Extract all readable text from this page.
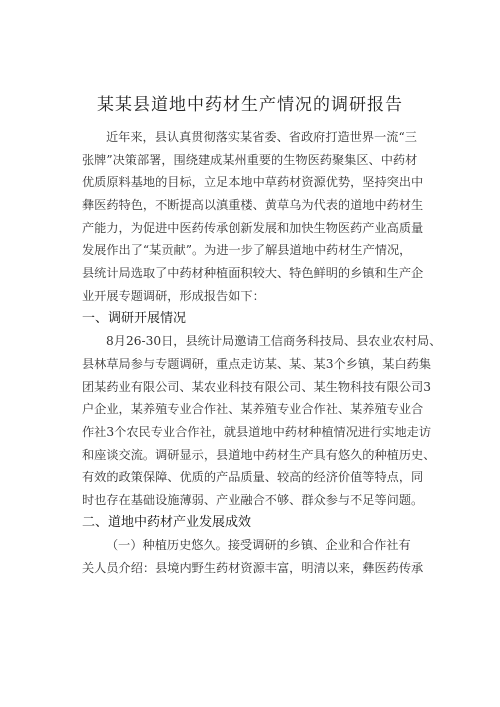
某某县道地中药材生产情况的调研报告
近年来，县认真贯彻落实某省委、省政府打造世界一流“三
张牌”决策部署，围绕建成某州重要的生物医药聚集区、中药材
优质原料基地的目标，立足本地中草药材资源优势，坚持突出中
彝医药特色，不断提高以滇重楼、黄草乌为代表的道地中药材生
产能力，为促进中医药传承创新发展和加快生物医药产业高质量
发展作出了“某贡献”。为进一步了解县道地中药材生产情况，
县统计局选取了中药材种植面积较大、特色鲜明的乡镇和生产企
业开展专题调研，形成报告如下：
一、调研开展情况
8月26-30日，县统计局邀请工信商务科技局、县农业农村局、
县林草局参与专题调研，重点走访某、某、某3个乡镇，某白药集
团某药业有限公司、某农业科技有限公司、某生物科技有限公司3
户企业，某养殖专业合作社、某养殖专业合作社、某养殖专业合
作社3个农民专业合作社，就县道地中药材种植情况进行实地走访
和座谈交流。调研显示，县道地中药材生产具有悠久的种植历史、
有效的政策保障、优质的产品质量、较高的经济价值等特点，同
时也存在基础设施薄弱、产业融合不够、群众参与不足等问题。
二、道地中药材产业发展成效
（一）种植历史悠久。接受调研的乡镇、企业和合作社有
关人员介绍：县境内野生药材资源丰富，明清以来，彝医药传承
